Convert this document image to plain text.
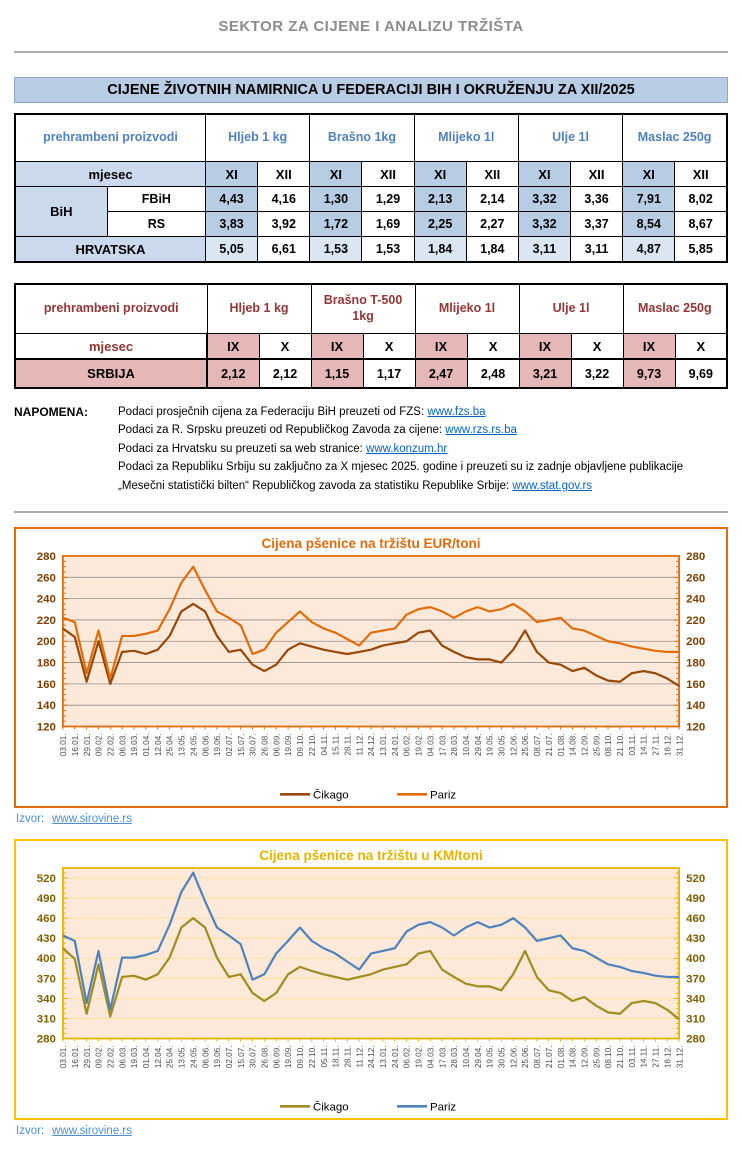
SEKTOR ZA CIJENE I ANALIZU TRŽIŠTA
CIJENE ŽIVOTNIH NAMIRNICA U FEDERACIJI BIH I OKRUŽENJU ZA XII/2025
prehrambeni proizvodi		Hljeb 1 kg		Brašno 1kg		Mlijeko 1l		Ulje 1l		Maslac 250g	
mjesec		XI	XII	XI	XII	XI	XII	XI	XII	XI	XII
BiH	FBiH	4,43	4,16	1,30	1,29	2,13	2,14	3,32	3,36	7,91	8,02
	RS	3,83	3,92	1,72	1,69	2,25	2,27	3,32	3,37	8,54	8,67
HRVATSKA		5,05	6,61	1,53	1,53	1,84	1,84	3,11	3,11	4,87	5,85
prehrambeni proizvodi	Hljeb 1 kg		Brašno T-500 1kg		Mlijeko 1l		Ulje 1l		Maslac 250g	
mjesec	IX	X	IX	X	IX	X	IX	X	IX	X
SRBIJA	2,12	2,12	1,15	1,17	2,47	2,48	3,21	3,22	9,73	9,69
NAPOMENA:	Podaci prosječnih cijena za Federaciju BiH preuzeti od FZS: www.fzs.ba
Podaci za R. Srpsku preuzeti od Republičkog Zavoda za cijene: www.rzs.rs.ba
Podaci za Hrvatsku su preuzeti sa web stranice: www.konzum.hr
Podaci za Republiku Srbiju su zaključno za X mjesec 2025. godine i preuzeti su iz zadnje objavljene publikacije
„Mesečni statistički bilten“ Republičkog zavoda za statistiku Republike Srbije: www.stat.gov.rs
Cijena pšenice na tržištu EUR/toni
120	120
140	140
160	160
180	180
200	200
220	220
240	240
260	260
280	280
03.01. 16.01. 29.01. 09.02. 22.02. 06.03. 19.03. 01.04. 12.04. 25.04. 13.05. 24.05. 06.06. 19.06. 02.07. 15.07. 30.07. 26.08. 06.09. 19.09. 09.10. 22.10. 04.11. 15.11. 28.11. 11.12. 24.12. 13.01. 24.01. 06.02. 19.02. 04.03. 17.03. 28.03. 10.04. 29.04. 19.05. 30.05. 12.06. 25.06. 08.07. 21.07. 01.08. 14.08. 12.09. 25.09. 08.10. 21.10. 03.11. 14.11. 27.11. 18.12. 31.12.
Čikago	Pariz
Izvor: www.sirovine.rs
Cijena pšenice na tržištu u KM/toni
280	280
310	310
340	340
370	370
400	400
430	430
460	460
490	490
520	520
03.01. 16.01. 29.01. 09.02. 22.02. 06.03. 19.03. 01.04. 12.04. 25.04. 13.05. 24.05. 06.06. 19.06. 02.07. 15.07. 30.07. 26.08. 06.09. 19.09. 09.10. 22.10. 05.11. 18.11. 28.11. 11.12. 24.12. 13.01. 24.01. 06.02. 19.02. 04.03. 17.03. 28.03. 10.04. 29.04. 19.05. 30.05. 12.06. 25.06. 08.07. 21.07. 01.08. 14.08. 12.09. 25.09. 08.10. 21.10. 03.11. 14.11. 27.11. 18.12. 31.12.
Čikago	Pariz
Izvor: www.sirovine.rs
